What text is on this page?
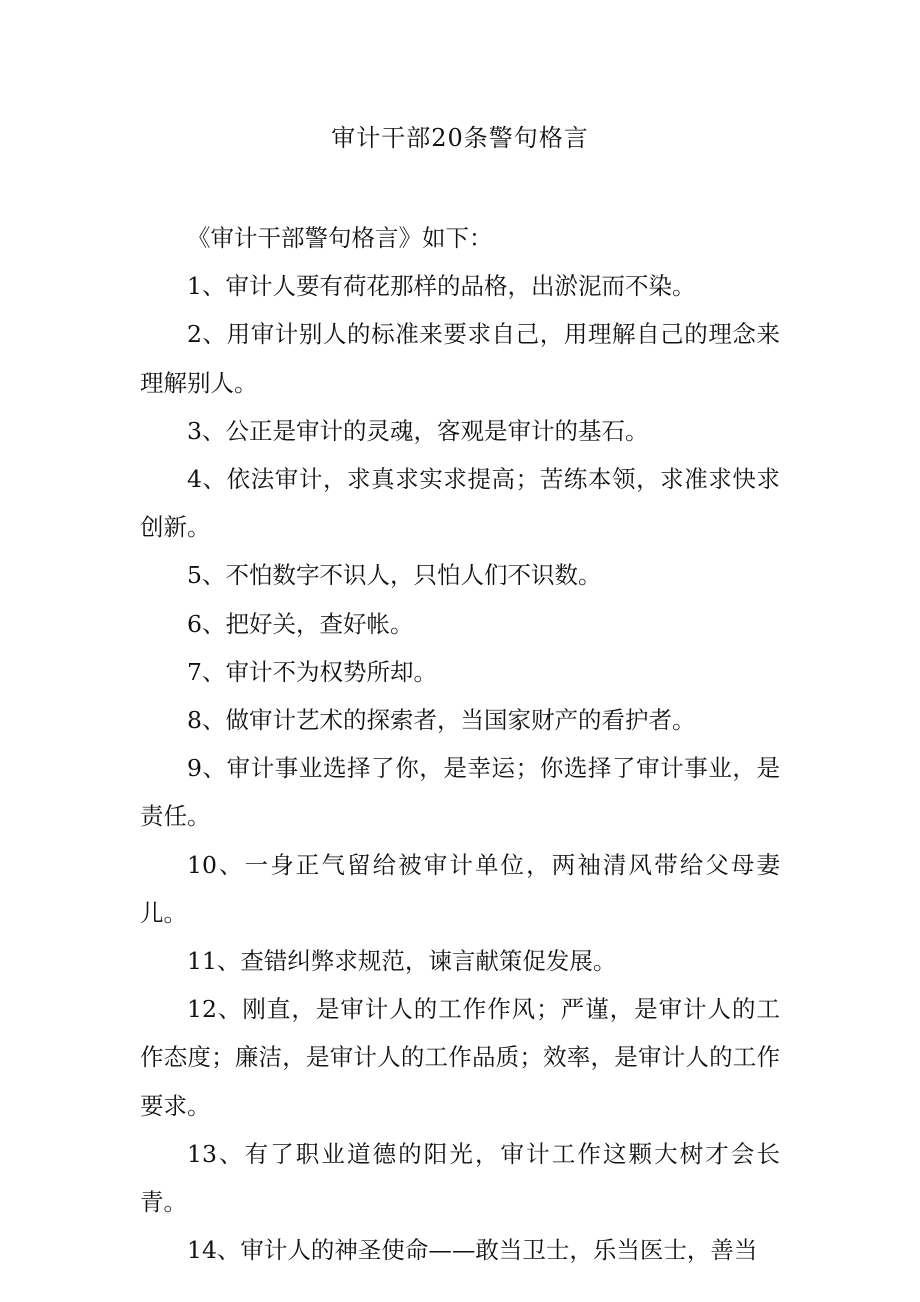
审计干部20条警句格言

《审计干部警句格言》如下：

1、审计人要有荷花那样的品格，出淤泥而不染。

2、用审计别人的标准来要求自己，用理解自己的理念来理解别人。

3、公正是审计的灵魂，客观是审计的基石。

4、依法审计，求真求实求提高；苦练本领，求准求快求创新。

5、不怕数字不识人，只怕人们不识数。

6、把好关，查好帐。

7、审计不为权势所却。

8、做审计艺术的探索者，当国家财产的看护者。

9、审计事业选择了你，是幸运；你选择了审计事业，是责任。

10、一身正气留给被审计单位，两袖清风带给父母妻儿。

11、查错纠弊求规范，谏言献策促发展。

12、刚直，是审计人的工作作风；严谨，是审计人的工作态度；廉洁，是审计人的工作品质；效率，是审计人的工作要求。

13、有了职业道德的阳光，审计工作这颗大树才会长青。

14、审计人的神圣使命——敢当卫士，乐当医士，善当
